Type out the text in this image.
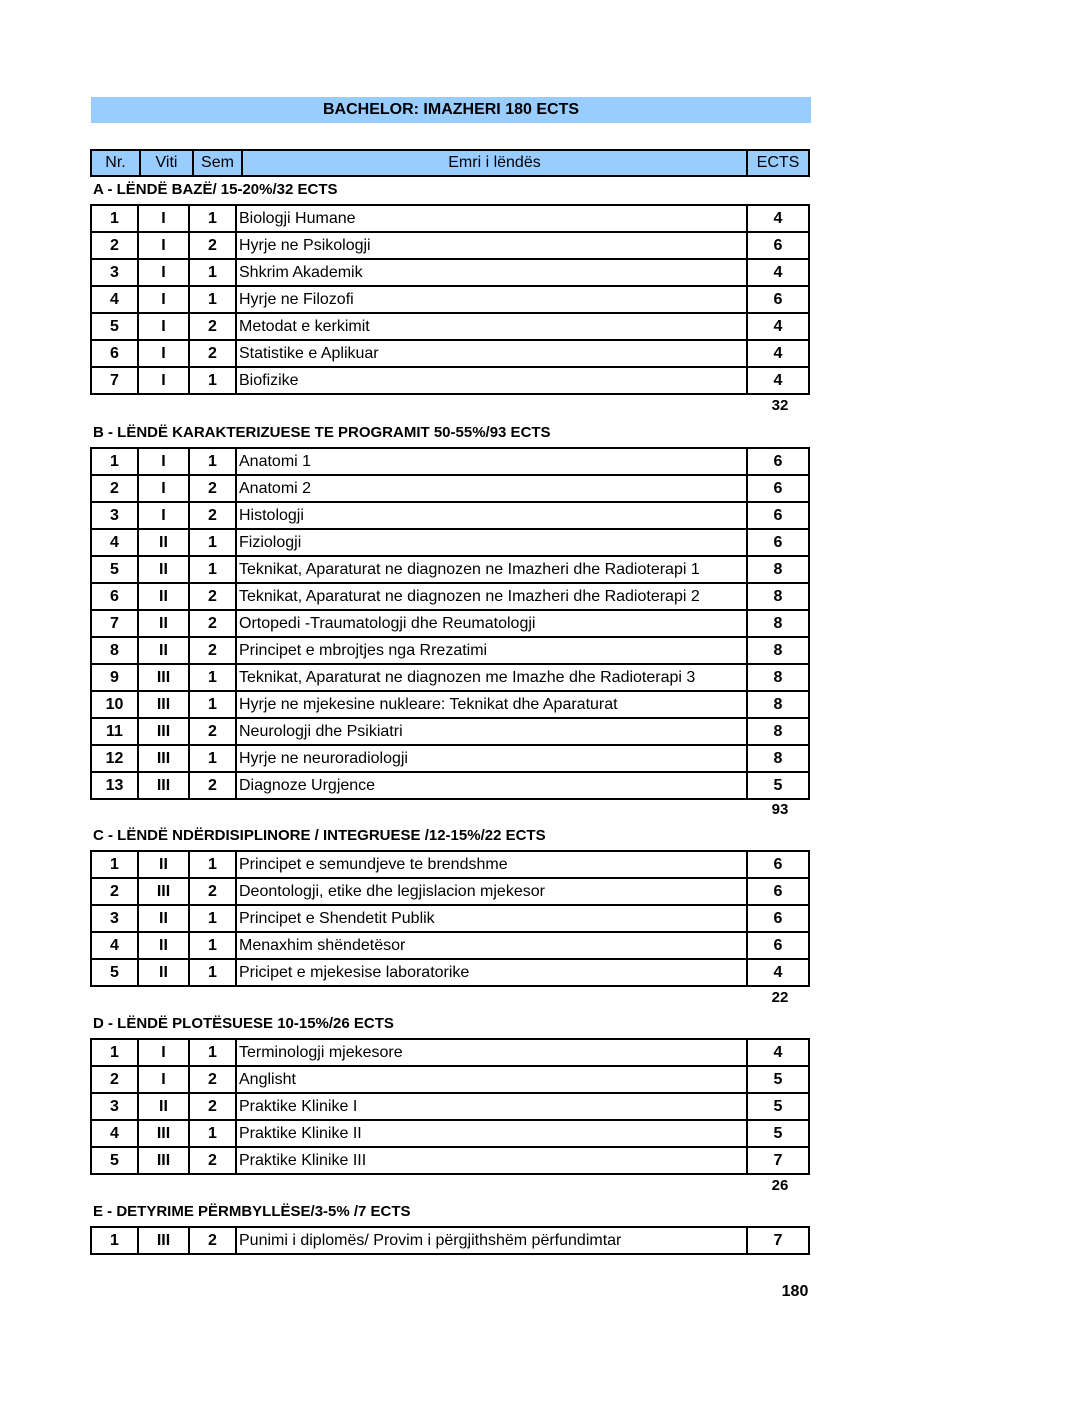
BACHELOR: IMAZHERI 180 ECTS
Nr.	Viti	Sem	Emri i lëndës	ECTS
A - LËNDË BAZË/ 15-20%/32 ECTS
1	I	1	Biologji Humane	4
2	I	2	Hyrje ne Psikologji	6
3	I	1	Shkrim Akademik	4
4	I	1	Hyrje ne Filozofi	6
5	I	2	Metodat e kerkimit	4
6	I	2	Statistike e Aplikuar	4
7	I	1	Biofizike	4
32
B - LËNDË KARAKTERIZUESE TE PROGRAMIT 50-55%/93 ECTS
1	I	1	Anatomi 1	6
2	I	2	Anatomi 2	6
3	I	2	Histologji	6
4	II	1	Fiziologji	6
5	II	1	Teknikat, Aparaturat ne diagnozen ne Imazheri dhe Radioterapi 1	8
6	II	2	Teknikat, Aparaturat ne diagnozen ne Imazheri dhe Radioterapi 2	8
7	II	2	Ortopedi -Traumatologji dhe Reumatologji	8
8	II	2	Principet e mbrojtjes nga Rrezatimi	8
9	III	1	Teknikat, Aparaturat ne diagnozen me Imazhe dhe Radioterapi 3	8
10	III	1	Hyrje ne mjekesine nukleare: Teknikat dhe Aparaturat	8
11	III	2	Neurologji dhe Psikiatri	8
12	III	1	Hyrje ne neuroradiologji	8
13	III	2	Diagnoze Urgjence	5
93
C - LËNDË NDËRDISIPLINORE / INTEGRUESE /12-15%/22 ECTS
1	II	1	Principet e semundjeve te brendshme	6
2	III	2	Deontologji, etike dhe legjislacion mjekesor	6
3	II	1	Principet e Shendetit Publik	6
4	II	1	Menaxhim shëndetësor	6
5	II	1	Pricipet e mjekesise laboratorike	4
22
D - LËNDË PLOTËSUESE 10-15%/26 ECTS
1	I	1	Terminologji mjekesore	4
2	I	2	Anglisht	5
3	II	2	Praktike Klinike I	5
4	III	1	Praktike Klinike II	5
5	III	2	Praktike Klinike III	7
26
E - DETYRIME PËRMBYLLËSE/3-5% /7 ECTS
1	III	2	Punimi i diplomës/ Provim i përgjithshëm përfundimtar	7
180
